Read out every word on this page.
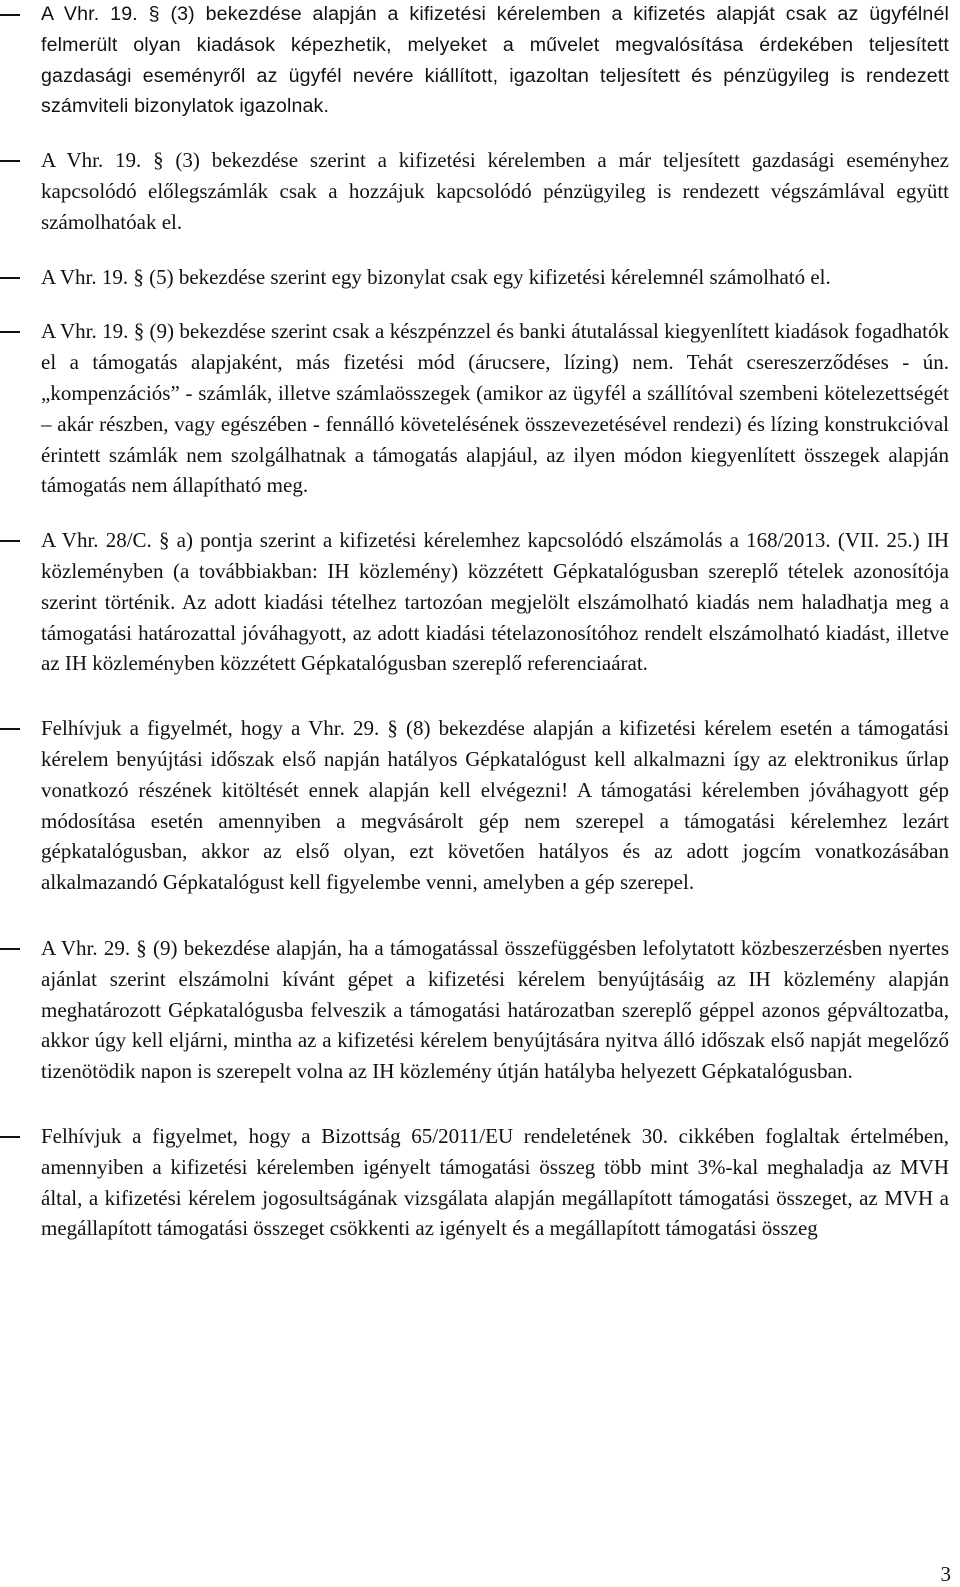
A Vhr. 19. § (3) bekezdése alapján a kifizetési kérelemben a kifizetés alapját csak az ügyfélnél felmerült olyan kiadások képezhetik, melyeket a művelet megvalósítása érdekében teljesített gazdasági eseményről az ügyfél nevére kiállított, igazoltan teljesített és pénzügyileg is rendezett számviteli bizonylatok igazolnak.

A Vhr. 19. § (3) bekezdése szerint a kifizetési kérelemben a már teljesített gazdasági eseményhez kapcsolódó előlegszámlák csak a hozzájuk kapcsolódó pénzügyileg is rendezett végszámlával együtt számolhatóak el.

A Vhr. 19. § (5) bekezdése szerint egy bizonylat csak egy kifizetési kérelemnél számolható el.

A Vhr. 19. § (9) bekezdése szerint csak a készpénzzel és banki átutalással kiegyenlített kiadások fogadhatók el a támogatás alapjaként, más fizetési mód (árucsere, lízing) nem. Tehát csereszerződéses - ún. „kompenzációs” - számlák, illetve számlaösszegek (amikor az ügyfél a szállítóval szembeni kötelezettségét – akár részben, vagy egészében - fennálló követelésének összevezetésével rendezi) és lízing konstrukcióval érintett számlák nem szolgálhatnak a támogatás alapjául, az ilyen módon kiegyenlített összegek alapján támogatás nem állapítható meg.

A Vhr. 28/C. § a) pontja szerint a kifizetési kérelemhez kapcsolódó elszámolás a 168/2013. (VII. 25.) IH közleményben (a továbbiakban: IH közlemény) közzétett Gépkatalógusban szereplő tételek azonosítója szerint történik. Az adott kiadási tételhez tartozóan megjelölt elszámolható kiadás nem haladhatja meg a támogatási határozattal jóváhagyott, az adott kiadási tételazonosítóhoz rendelt elszámolható kiadást, illetve az IH közleményben közzétett Gépkatalógusban szereplő referenciaárat.

Felhívjuk a figyelmét, hogy a Vhr. 29. § (8) bekezdése alapján a kifizetési kérelem esetén a támogatási kérelem benyújtási időszak első napján hatályos Gépkatalógust kell alkalmazni így az elektronikus űrlap vonatkozó részének kitöltését ennek alapján kell elvégezni! A támogatási kérelemben jóváhagyott gép módosítása esetén amennyiben a megvásárolt gép nem szerepel a támogatási kérelemhez lezárt gépkatalógusban, akkor az első olyan, ezt követően hatályos és az adott jogcím vonatkozásában alkalmazandó Gépkatalógust kell figyelembe venni, amelyben a gép szerepel.

A Vhr. 29. § (9) bekezdése alapján, ha a támogatással összefüggésben lefolytatott közbeszerzésben nyertes ajánlat szerint elszámolni kívánt gépet a kifizetési kérelem benyújtásáig az IH közlemény alapján meghatározott Gépkatalógusba felveszik a támogatási határozatban szereplő géppel azonos gépváltozatba, akkor úgy kell eljárni, mintha az a kifizetési kérelem benyújtására nyitva álló időszak első napját megelőző tizenötödik napon is szerepelt volna az IH közlemény útján hatályba helyezett Gépkatalógusban.

Felhívjuk a figyelmet, hogy a Bizottság 65/2011/EU rendeletének 30. cikkében foglaltak értelmében, amennyiben a kifizetési kérelemben igényelt támogatási összeg több mint 3%-kal meghaladja az MVH által, a kifizetési kérelem jogosultságának vizsgálata alapján megállapított támogatási összeget, az MVH a megállapított támogatási összeget csökkenti az igényelt és a megállapított támogatási összeg

3
